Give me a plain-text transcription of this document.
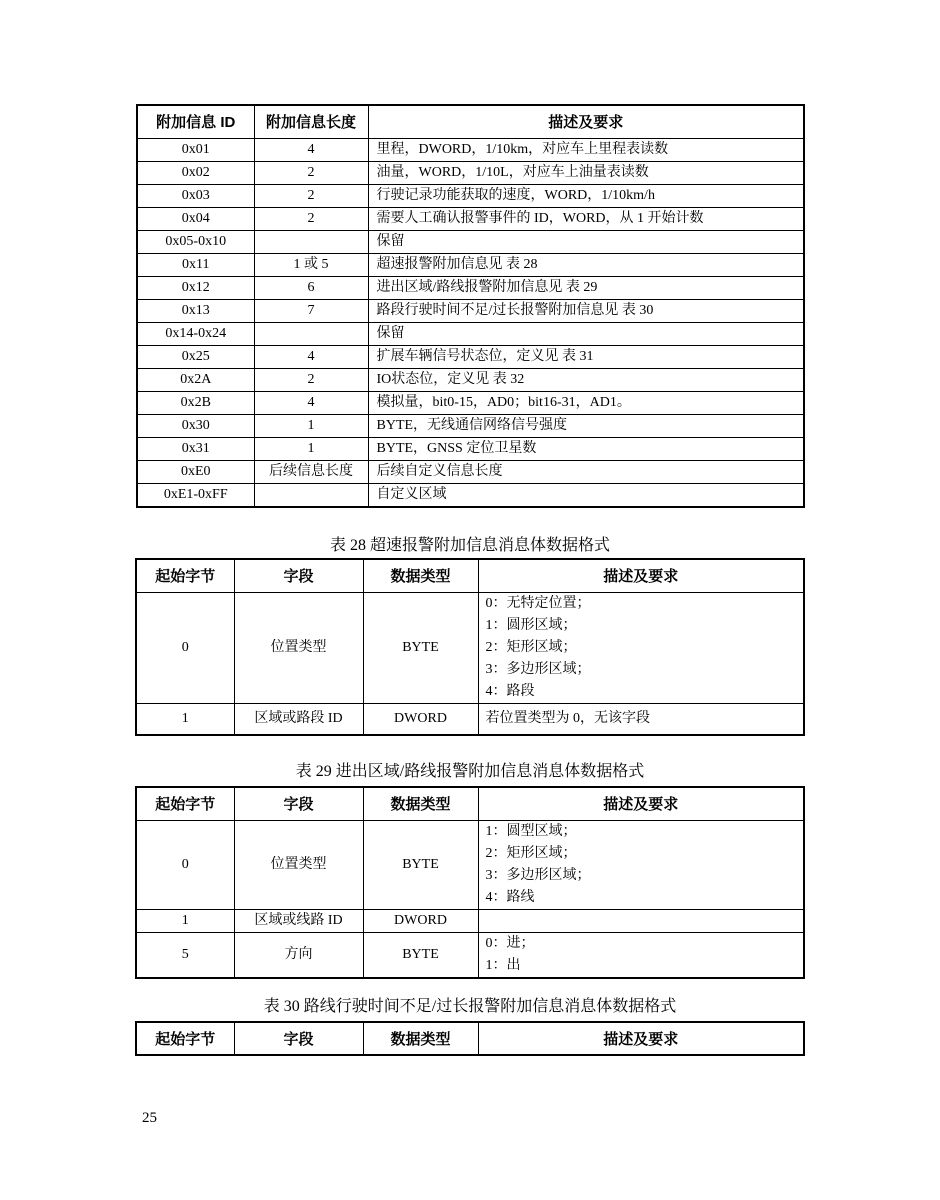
附加信息 ID	附加信息长度	描述及要求
0x01	4	里程，DWORD，1/10km，对应车上里程表读数
0x02	2	油量，WORD，1/10L，对应车上油量表读数
0x03	2	行驶记录功能获取的速度，WORD，1/10km/h
0x04	2	需要人工确认报警事件的 ID，WORD，从 1 开始计数
0x05-0x10		保留
0x11	1 或 5	超速报警附加信息见 表 28
0x12	6	进出区域/路线报警附加信息见 表 29
0x13	7	路段行驶时间不足/过长报警附加信息见 表 30
0x14-0x24		保留
0x25	4	扩展车辆信号状态位，定义见 表 31
0x2A	2	IO状态位，定义见 表 32
0x2B	4	模拟量，bit0-15，AD0；bit16-31，AD1。
0x30	1	BYTE，无线通信网络信号强度
0x31	1	BYTE，GNSS 定位卫星数
0xE0	后续信息长度	后续自定义信息长度
0xE1-0xFF		自定义区域
表 28 超速报警附加信息消息体数据格式
起始字节	字段	数据类型	描述及要求
0	位置类型	BYTE	0：无特定位置；
1：圆形区域；
2：矩形区域；
3：多边形区域；
4：路段

1	区域或路段 ID	DWORD	若位置类型为 0，无该字段
表 29 进出区域/路线报警附加信息消息体数据格式
起始字节	字段	数据类型	描述及要求
0	位置类型	BYTE	1：圆型区域；
2：矩形区域；
3：多边形区域；
4：路线

1	区域或线路 ID	DWORD	

5	方向	BYTE	0：进；
1：出
表 30 路线行驶时间不足/过长报警附加信息消息体数据格式
起始字节	字段	数据类型	描述及要求
25
